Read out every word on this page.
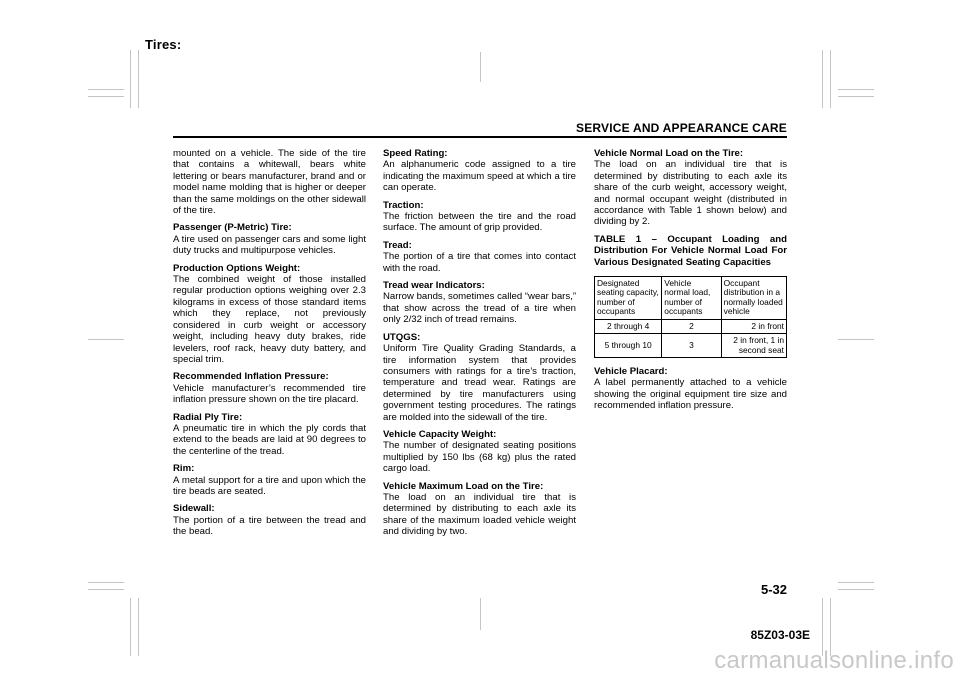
Tires:
SERVICE AND APPEARANCE CARE
mounted on a vehicle. The side of the tire that contains a whitewall, bears white lettering or bears manufacturer, brand and or model name molding that is higher or deeper than the same moldings on the other sidewall of the tire.
Passenger (P-Metric) Tire:
A tire used on passenger cars and some light duty trucks and multipurpose vehicles.
Production Options Weight:
The combined weight of those installed regular production options weighing over 2.3 kilograms in excess of those standard items which they replace, not previously considered in curb weight or accessory weight, including heavy duty brakes, ride levelers, roof rack, heavy duty battery, and special trim.
Recommended Inflation Pressure:
Vehicle manufacturer’s recommended tire inflation pressure shown on the tire placard.
Radial Ply Tire:
A pneumatic tire in which the ply cords that extend to the beads are laid at 90 degrees to the centerline of the tread.
Rim:
A metal support for a tire and upon which the tire beads are seated.
Sidewall:
The portion of a tire between the tread and the bead.
Speed Rating:
An alphanumeric code assigned to a tire indicating the maximum speed at which a tire can operate.
Traction:
The friction between the tire and the road surface. The amount of grip provided.
Tread:
The portion of a tire that comes into contact with the road.
Tread wear Indicators:
Narrow bands, sometimes called “wear bars,” that show across the tread of a tire when only 2/32 inch of tread remains.
UTQGS:
Uniform Tire Quality Grading Standards, a tire information system that provides consumers with ratings for a tire’s traction, temperature and tread wear. Ratings are determined by tire manufacturers using government testing procedures. The ratings are molded into the sidewall of the tire.
Vehicle Capacity Weight:
The number of designated seating positions multiplied by 150 lbs (68 kg) plus the rated cargo load.
Vehicle Maximum Load on the Tire:
The load on an individual tire that is determined by distributing to each axle its share of the maximum loaded vehicle weight and dividing by two.
Vehicle Normal Load on the Tire:
The load on an individual tire that is determined by distributing to each axle its share of the curb weight, accessory weight, and normal occupant weight (distributed in accordance with Table 1 shown below) and dividing by 2.
TABLE 1 – Occupant Loading and Distribution For Vehicle Normal Load For Various Designated Seating Capacities
Designated seating capacity, number of occupants	Vehicle normal load, number of occupants	Occupant distribution in a normally loaded vehicle
2 through 4	2	2 in front
5 through 10	3	2 in front, 1 in second seat
Vehicle Placard:
A label permanently attached to a vehicle showing the original equipment tire size and recommended inflation pressure.
5-32
85Z03-03E
carmanualsonline.info
